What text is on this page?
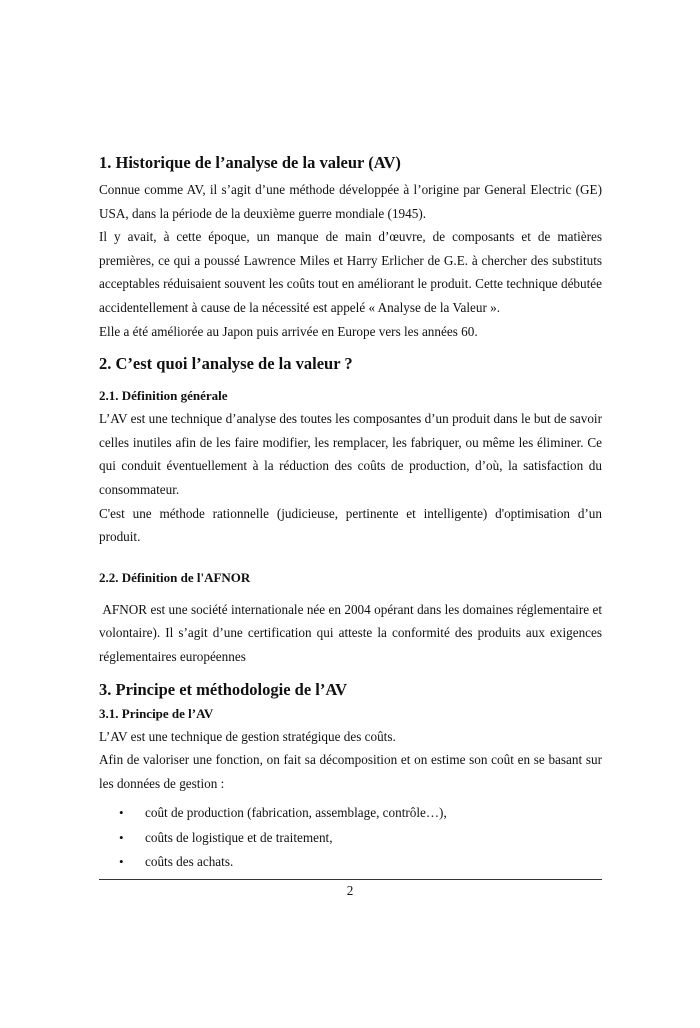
1. Historique de l’analyse de la valeur (AV)

Connue comme AV, il s’agit d’une méthode développée à l’origine par General Electric (GE) USA, dans la période de la deuxième guerre mondiale (1945).

Il y avait, à cette époque, un manque de main d’œuvre, de composants et de matières premières, ce qui a poussé Lawrence Miles et Harry Erlicher de G.E. à chercher des substituts acceptables réduisaient souvent les coûts tout en améliorant le produit. Cette technique débutée accidentellement à cause de la nécessité est appelé « Analyse de la Valeur ».

Elle a été améliorée au Japon puis arrivée en Europe vers les années 60.

2. C’est quoi l’analyse de la valeur ?
2.1. Définition générale

L’AV est une technique d’analyse des toutes les composantes d’un produit dans le but de savoir celles inutiles afin de les faire modifier, les remplacer, les fabriquer, ou même les éliminer. Ce qui conduit éventuellement à la réduction des coûts de production, d’où, la satisfaction du consommateur.

C'est une méthode rationnelle (judicieuse, pertinente et intelligente) d'optimisation d’un produit.

2.2. Définition de l'AFNOR

AFNOR est une société internationale née en 2004 opérant dans les domaines réglementaire et volontaire). Il s’agit d’une certification qui atteste la conformité des produits aux exigences réglementaires européennes

3. Principe et méthodologie de l’AV
3.1. Principe de l’AV

L’AV est une technique de gestion stratégique des coûts.

Afin de valoriser une fonction, on fait sa décomposition et on estime son coût en se basant sur les données de gestion :

• coût de production (fabrication, assemblage, contrôle…),
• coûts de logistique et de traitement,
• coûts des achats.
2
